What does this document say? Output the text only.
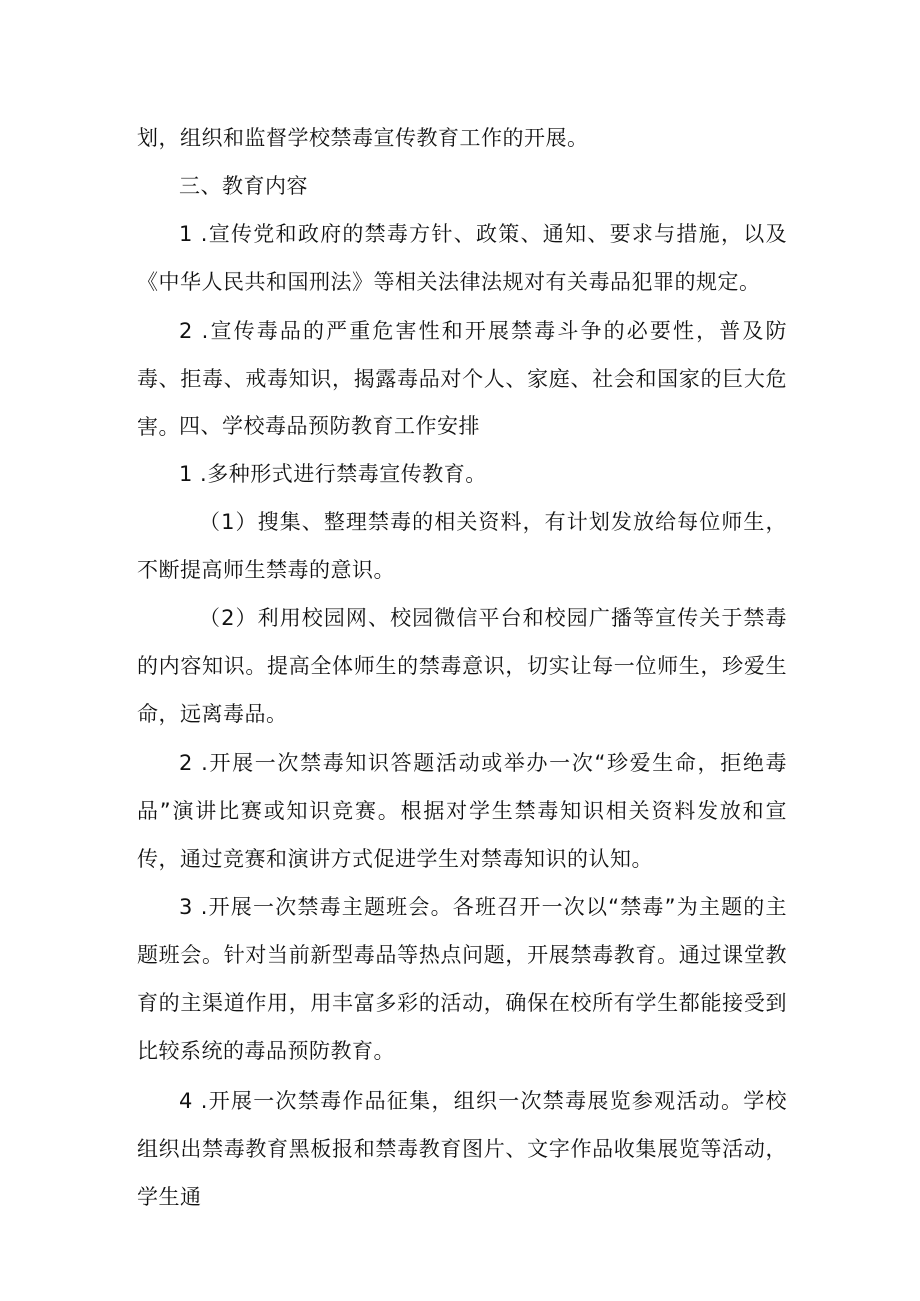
划，组织和监督学校禁毒宣传教育工作的开展。

三、教育内容

1 .宣传党和政府的禁毒方针、政策、通知、要求与措施，以及《中华人民共和国刑法》等相关法律法规对有关毒品犯罪的规定。

2 .宣传毒品的严重危害性和开展禁毒斗争的必要性，普及防毒、拒毒、戒毒知识，揭露毒品对个人、家庭、社会和国家的巨大危害。 四、学校毒品预防教育工作安排

1 .多种形式进行禁毒宣传教育。

（1）搜集、整理禁毒的相关资料，有计划发放给每位师生，不断提高师生禁毒的意识。

（2）利用校园网、校园微信平台和校园广播等宣传关于禁毒的内容知识。提高全体师生的禁毒意识，切实让每一位师生，珍爱生命，远离毒品。

2 .开展一次禁毒知识答题活动或举办一次“珍爱生命，拒绝毒品”演讲比赛或知识竞赛。根据对学生禁毒知识相关资料发放和宣传，通过竞赛和演讲方式促进学生对禁毒知识的认知。

3 .开展一次禁毒主题班会。各班召开一次以“禁毒”为主题的主题班会。针对当前新型毒品等热点问题，开展禁毒教育。通过课堂教育的主渠道作用，用丰富多彩的活动，确保在校所有学生都能接受到比较系统的毒品预防教育。

4 .开展一次禁毒作品征集，组织一次禁毒展览参观活动。学校组织出禁毒教育黑板报和禁毒教育图片、文字作品收集展览等活动，学生通
